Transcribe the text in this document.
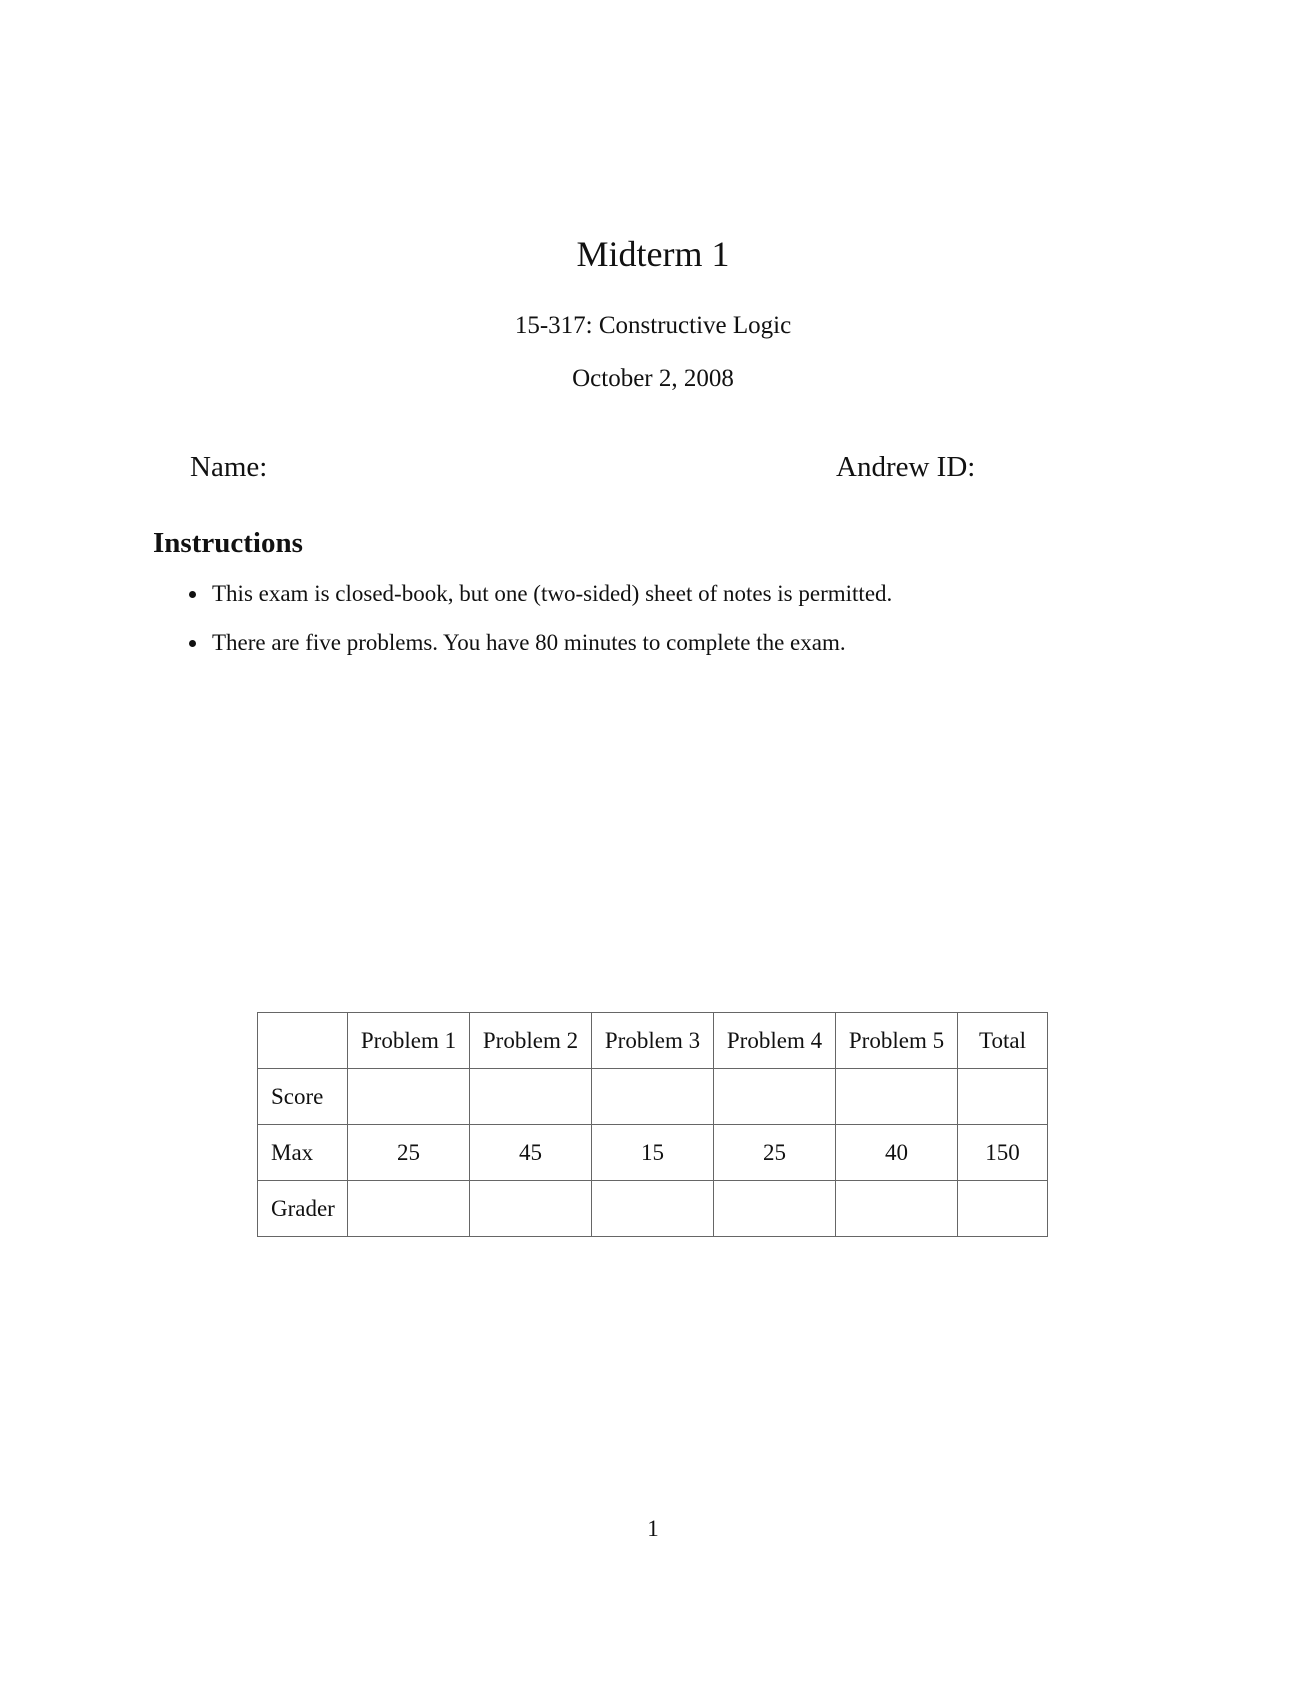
Midterm 1
15-317: Constructive Logic
October 2, 2008
Name:	Andrew ID:
Instructions
This exam is closed-book, but one (two-sided) sheet of notes is permitted.
There are five problems. You have 80 minutes to complete the exam.
	Problem 1	Problem 2	Problem 3	Problem 4	Problem 5	Total
Score						
Max	25	45	15	25	40	150
Grader						
1
